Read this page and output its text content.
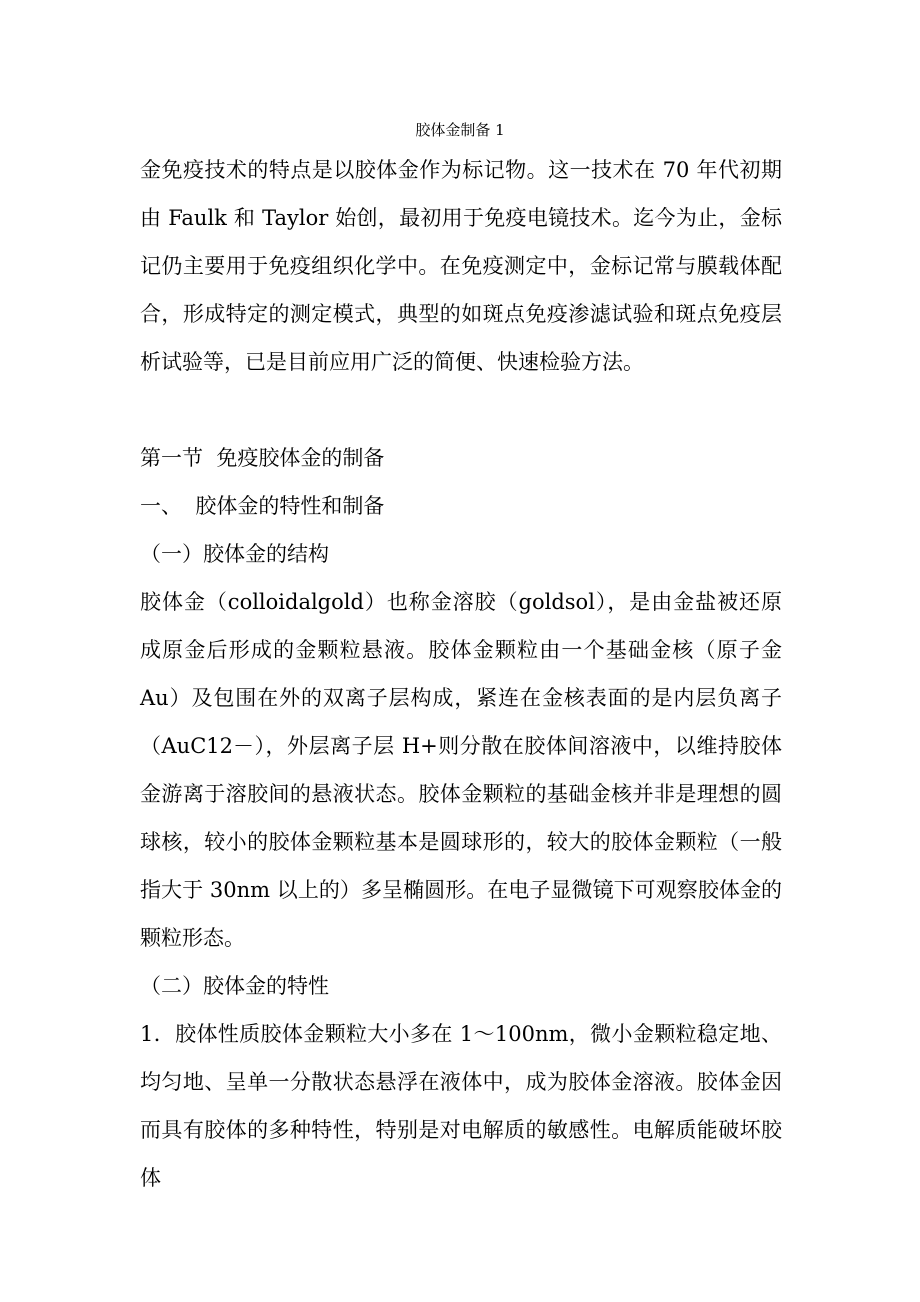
胶体金制备 1

金免疫技术的特点是以胶体金作为标记物。这一技术在 70 年代初期由 Faulk 和 Taylor 始创，最初用于免疫电镜技术。迄今为止，金标记仍主要用于免疫组织化学中。在免疫测定中，金标记常与膜载体配合，形成特定的测定模式，典型的如斑点免疫渗滤试验和斑点免疫层析试验等，已是目前应用广泛的简便、快速检验方法。

第一节  免疫胶体金的制备

一、  胶体金的特性和制备

（一）胶体金的结构

胶体金（colloidalgold）也称金溶胶（goldsol），是由金盐被还原成原金后形成的金颗粒悬液。胶体金颗粒由一个基础金核（原子金 Au）及包围在外的双离子层构成，紧连在金核表面的是内层负离子（AuC12－），外层离子层 H+则分散在胶体间溶液中，以维持胶体金游离于溶胶间的悬液状态。胶体金颗粒的基础金核并非是理想的圆球核，较小的胶体金颗粒基本是圆球形的，较大的胶体金颗粒（一般指大于 30nm 以上的）多呈椭圆形。在电子显微镜下可观察胶体金的颗粒形态。

（二）胶体金的特性

1．胶体性质胶体金颗粒大小多在 1～100nm，微小金颗粒稳定地、均匀地、呈单一分散状态悬浮在液体中，成为胶体金溶液。胶体金因而具有胶体的多种特性，特别是对电解质的敏感性。电解质能破坏胶体
